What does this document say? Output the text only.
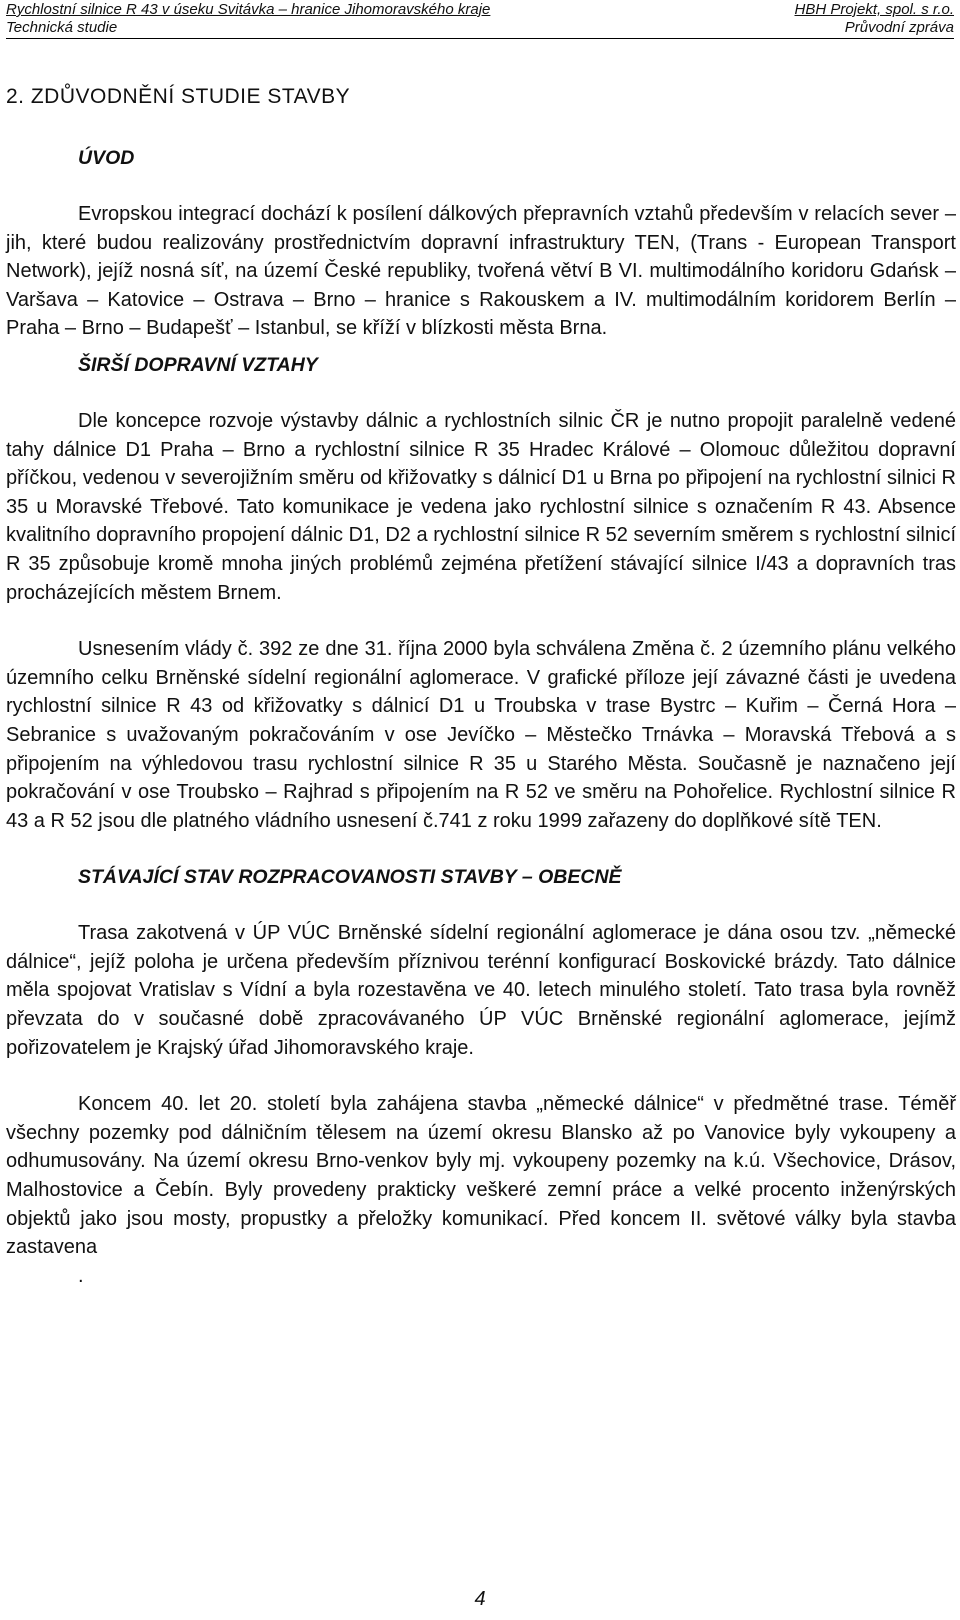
Rychlostní silnice R 43 v úseku Svitávka – hranice Jihomoravského kraje	HBH Projekt, spol. s r.o.
Technická studie	Průvodní zpráva
2. ZDŮVODNĚNÍ STUDIE STAVBY
ÚVOD

Evropskou integrací dochází k posílení dálkových přepravních vztahů především v relacích sever – jih, které budou realizovány prostřednictvím dopravní infrastruktury TEN, (Trans - European Transport Network), jejíž nosná síť, na území České republiky, tvořená větví B VI. multimodálního koridoru Gdańsk – Varšava – Katovice – Ostrava – Brno – hranice s Rakouskem a IV. multimodálním koridorem Berlín – Praha – Brno – Budapešť – Istanbul, se kříží v blízkosti města Brna.

ŠIRŠÍ DOPRAVNÍ VZTAHY

Dle koncepce rozvoje výstavby dálnic a rychlostních silnic ČR je nutno propojit paralelně vedené tahy dálnice D1 Praha – Brno a rychlostní silnice R 35 Hradec Králové – Olomouc důležitou dopravní příčkou, vedenou v severojižním směru od křižovatky s dálnicí D1 u Brna po připojení na rychlostní silnici R 35 u Moravské Třebové. Tato komunikace je vedena jako rychlostní silnice s označením R 43. Absence kvalitního dopravního propojení dálnic D1, D2 a rychlostní silnice R 52 severním směrem s rychlostní silnicí R 35 způsobuje kromě mnoha jiných problémů zejména přetížení stávající silnice I/43 a dopravních tras procházejících městem Brnem.

Usnesením vlády č. 392 ze dne 31. října 2000 byla schválena Změna č. 2 územního plánu velkého územního celku Brněnské sídelní regionální aglomerace. V grafické příloze její závazné části je uvedena rychlostní silnice R 43 od křižovatky s dálnicí D1 u Troubska v trase Bystrc – Kuřim – Černá Hora – Sebranice s uvažovaným pokračováním v ose Jevíčko – Městečko Trnávka – Moravská Třebová a s připojením na výhledovou trasu rychlostní silnice R 35 u Starého Města. Současně je naznačeno její pokračování v ose Troubsko – Rajhrad s připojením na R 52 ve směru na Pohořelice. Rychlostní silnice R 43 a R 52 jsou dle platného vládního usnesení č.741 z roku 1999 zařazeny do doplňkové sítě TEN.

STÁVAJÍCÍ STAV ROZPRACOVANOSTI STAVBY – OBECNĚ

Trasa zakotvená v ÚP VÚC Brněnské sídelní regionální aglomerace je dána osou tzv. „německé dálnice“, jejíž poloha je určena především příznivou terénní konfigurací Boskovické brázdy. Tato dálnice měla spojovat Vratislav s Vídní a byla rozestavěna ve 40. letech minulého století. Tato trasa byla rovněž převzata do v současné době zpracovávaného ÚP VÚC Brněnské regionální aglomerace, jejímž pořizovatelem je Krajský úřad Jihomoravského kraje.

Koncem 40. let 20. století byla zahájena stavba „německé dálnice“ v předmětné trase. Téměř všechny pozemky pod dálničním tělesem na území okresu Blansko až po Vanovice byly vykoupeny a odhumusovány. Na území okresu Brno-venkov byly mj. vykoupeny pozemky na k.ú. Všechovice, Drásov, Malhostovice a Čebín. Byly provedeny prakticky veškeré zemní práce a velké procento inženýrských objektů jako jsou mosty, propustky a přeložky komunikací. Před koncem II. světové války byla stavba zastavena

.
4
